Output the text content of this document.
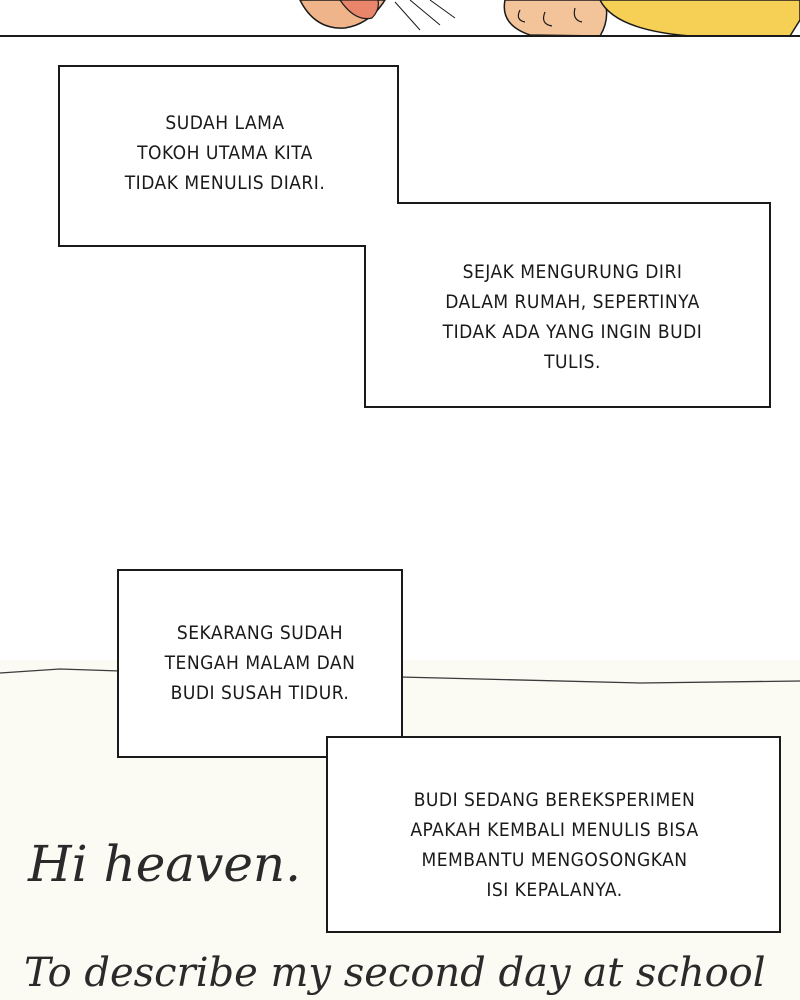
SUDAH LAMA
TOKOH UTAMA KITA
TIDAK MENULIS DIARI.
SEJAK MENGURUNG DIRI
DALAM RUMAH, SEPERTINYA
TIDAK ADA YANG INGIN BUDI
TULIS.
SEKARANG SUDAH
TENGAH MALAM DAN
BUDI SUSAH TIDUR.
BUDI SEDANG BEREKSPERIMEN
APAKAH KEMBALI MENULIS BISA
MEMBANTU MENGOSONGKAN
ISI KEPALANYA.
Hi heaven.
To describe my second day at school
